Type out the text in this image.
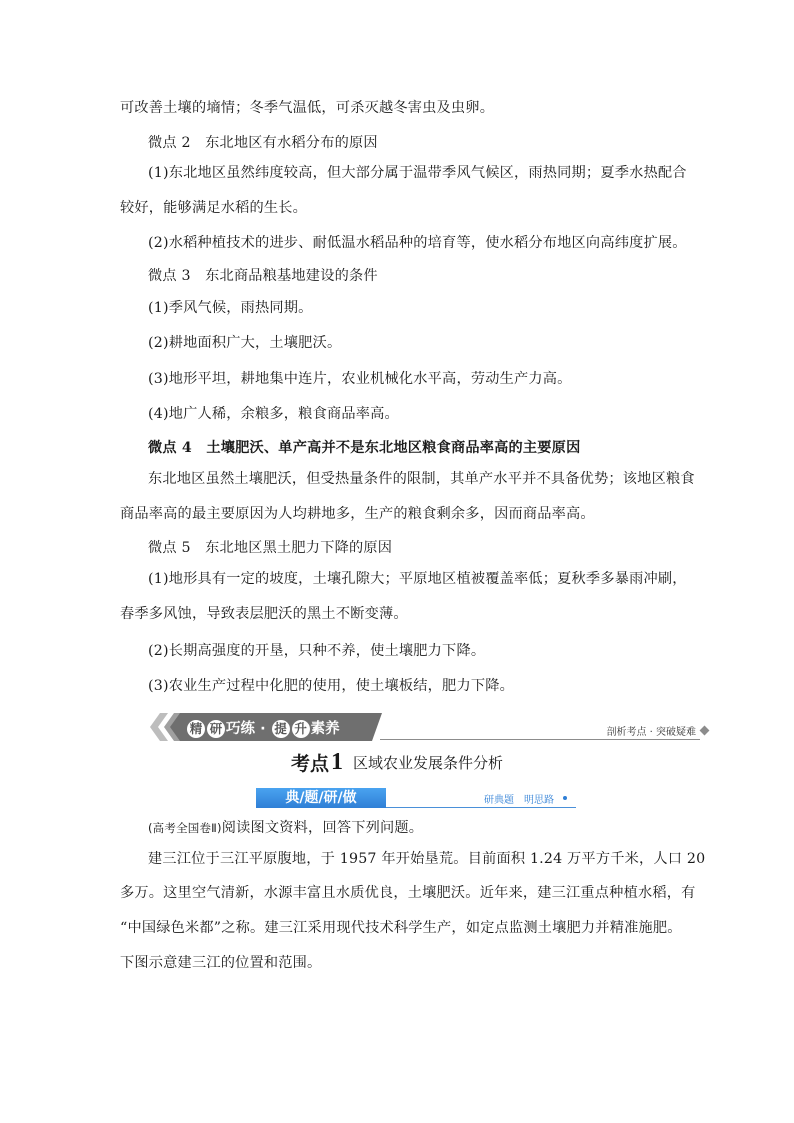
可改善土壤的墒情；冬季气温低，可杀灭越冬害虫及虫卵。
微点 2　东北地区有水稻分布的原因
(1)东北地区虽然纬度较高，但大部分属于温带季风气候区，雨热同期；夏季水热配合
较好，能够满足水稻的生长。
(2)水稻种植技术的进步、耐低温水稻品种的培育等，使水稻分布地区向高纬度扩展。
微点 3　东北商品粮基地建设的条件
(1)季风气候，雨热同期。
(2)耕地面积广大，土壤肥沃。
(3)地形平坦，耕地集中连片，农业机械化水平高，劳动生产力高。
(4)地广人稀，余粮多，粮食商品率高。
微点 4　土壤肥沃、单产高并不是东北地区粮食商品率高的主要原因
东北地区虽然土壤肥沃，但受热量条件的限制，其单产水平并不具备优势；该地区粮食
商品率高的最主要原因为人均耕地多，生产的粮食剩余多，因而商品率高。
微点 5　东北地区黑土肥力下降的原因
(1)地形具有一定的坡度，土壤孔隙大；平原地区植被覆盖率低；夏秋季多暴雨冲刷，
春季多风蚀，导致表层肥沃的黑土不断变薄。
(2)长期高强度的开垦，只种不养，使土壤肥力下降。
(3)农业生产过程中化肥的使用，使土壤板结，肥力下降。
精 研 巧练 · 提 升 素养	剖析考点 · 突破疑难
考点1 区域农业发展条件分析
典/题/研/做	研典题　明思路
(高考全国卷Ⅱ)阅读图文资料，回答下列问题。
建三江位于三江平原腹地，于 1957 年开始垦荒。目前面积 1.24 万平方千米，人口 20
多万。这里空气清新，水源丰富且水质优良，土壤肥沃。近年来，建三江重点种植水稻，有
“中国绿色米都”之称。建三江采用现代技术科学生产，如定点监测土壤肥力并精准施肥。
下图示意建三江的位置和范围。
